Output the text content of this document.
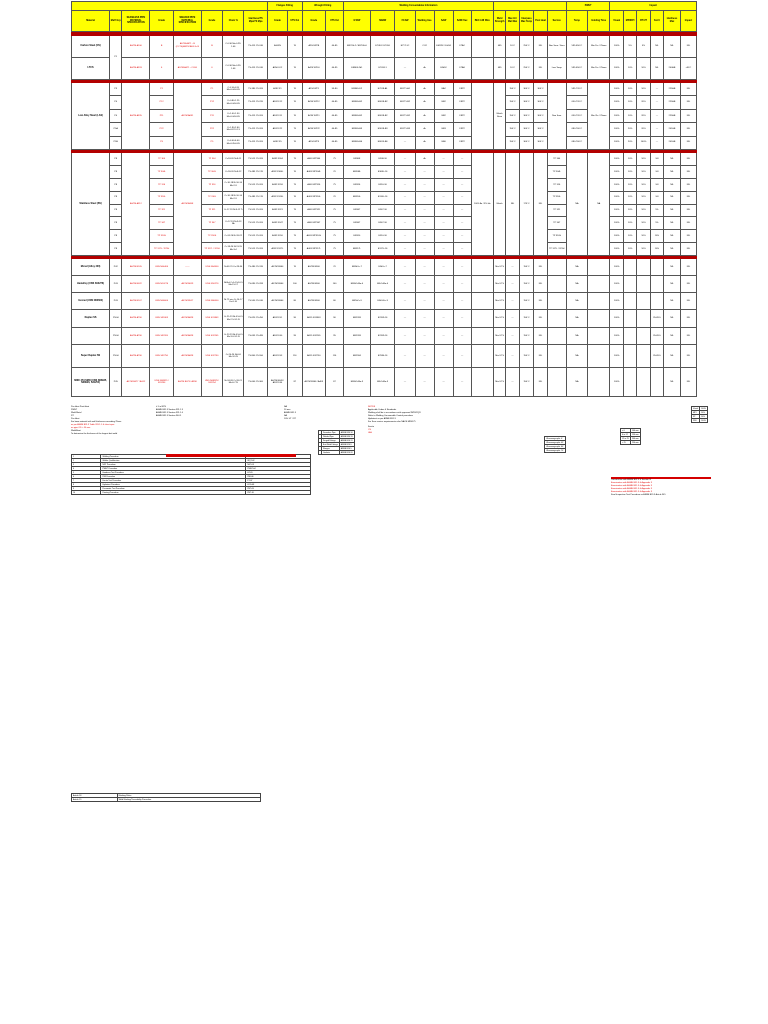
								Flanges Fitting		Wrought Fitting		Welding Consumables Information												PWHT		Impact					
Material	Mat'l Grp	SEAMLESS PIPE MATERIAL SPECIFICATION	Grade	WELDED PIPE MATERIAL SPECIFICATION	Grade	Chem %	Hardness/TS Mpa/YS Mpa	Grade	UTS Ksl	Grade	UTS Ksl	GTAW	SMAW	FCAW	Welding Gas	SAW	SAW Flux	BEC LMI Wire	Weld Strength	Max Ht / Mat Max	Interpass Max Temp	Post Heat	Service	Temp	Holding Time	Visual	MPI/DPI	RT/UT	Ferrit	Hardness Max	Impact

Carbon Steel (CS)	P1	ASTM A106	B	ASTM A671 - B (CC70)/ASTM A53 Gr B	B	C:0.30 Mn:0.29-1.06	TS:415 YS:240	A105N	70	A234 WPB	60-85	ER70S-2 / ER70S-6	E7018 / E7016	E71T-1C	CO2	EM12K / EH14	F7A2		485	10°C	250°C	NIL	Non Sour / Sour	595-650°C	Min 1hr / 25mm	100%	5%	5%	NIL	NIL	NIL
LTCS		ASTM A333	6	ASTM A671 - CC60	6	C:0.30 Mn:0.29-1.06	TS:415 YS:240	A350 LF2	70	A420 WPL6	60-95	ER80S-Ni1	E7018-1	—	Ar	ENi1K	F7A8		485	10°C	250°C	NIL	Low Temp	595-650°C	Min 1hr / 25mm	100%	10%	10%	NIL	200HB	-46°C

Low Alloy Steel (LAS)	P3	ASTM A335	P1	ASTM A691	P1	C:0.10-0.20 Mo:0.44-0.65	TS:380 YS:205	A182 F1	70	A234 WP1	55-80	ER80S-D2	E7018-A1	E81T1-A1	Ar	EA2	F8P2		Match Base	150°C	300°C	300°C	Non Sour	595-720°C	Min 2hr / 25mm	100%	10%	10%	—	225HB	NIL
	P4		P12		P12	Cr:0.80-1.25 Mo:0.44-0.65	TS:415 YS:220	A182 F12	70	A234 WP12	60-85	ER80S-B2	E8018-B2	E81T1-B2	Ar	EB2	F8P2			150°C	300°C	300°C		650-720°C		100%	10%	20%	—	225HB	NIL
	P4		P11		P11	Cr:1.00-1.50 Mo:0.44-0.65	TS:415 YS:205	A182 F11	70	A234 WP11	60-85	ER80S-B2	E8018-B2	E81T1-B2	Ar	EB2	F8P2			150°C	300°C	300°C		650-720°C		100%	10%	20%	—	225HB	NIL
	P5A		P22		P22	Cr:1.90-2.60 Mo:0.87-1.13	TS:415 YS:205	A182 F22	75	A234 WP22	60-85	ER90S-B3	E9018-B3	E91T1-B3	Ar	EB3	F9P2			150°C	300°C	300°C		680-760°C		100%	20%	20%	—	241HB	NIL
	P5B		P5		P5	Cr:4.00-6.00 Mo:0.45-0.65	TS:415 YS:205	A182 F5	70	A234 WP5	60-85	ER80S-B6	E8015-B6	—	Ar	EB6	F8P2			150°C	300°C	300°C		680-760°C		100%	20%	100%	—	241HB	NIL

Stainless Steel (SS)	P8	ASTM A312	TP 304	ASTM A358	TP 304	Cr:18-20 Ni:8-11	TS:515 YS:205	A182 F304	75	A403 WP304	75	ER308	E308-16	—	Ar	—	—	100% Ar / 5% He	Match	NIL	175°C	NIL	TP 304	NA	NA	100%	10%	10%	3-8	NIL	NIL
	P8		TP 304L		TP 304L	Cr:18-20 Ni:8-12	TS:485 YS:170	A182 F304L	70	A403 WP304L	70	ER308L	E308L-16	—	—	—	—						TP 304L			100%	10%	10%	3-8	NIL	NIL
	P8		TP 316		TP 316	Cr:16-18 Ni:10-14 Mo:2-3	TS:515 YS:205	A182 F316	75	A403 WP316	75	ER316	E316-16	—	—	—	—						TP 316			100%	10%	10%	3-8	NIL	NIL
	P8		TP 316L		TP 316L	Cr:16-18 Ni:10-14 Mo:2-3	TS:485 YS:170	A182 F316L	70	A403 WP316L	70	ER316L	E316L-16	—	—	—	—						TP 316L			100%	10%	10%	3-8	NIL	NIL
	P8		TP 321		TP 321	Cr:17-19 Ni:9-12 Ti	TS:515 YS:205	A182 F321	75	A403 WP321	75	ER347	E347-16	—	—	—	—						TP 321			100%	10%	10%	5%	NIL	NIL
	P8		TP 347		TP 347	Cr:17-19 Ni:9-13 Nb	TS:515 YS:205	A182 F347	75	A403 WP347	75	ER347	E347-16	—	—	—	—						TP 347			100%	10%	10%	5%	NIL	NIL
	P8		TP 310S		TP 310S	Cr:24-26 Ni:19-22	TS:515 YS:205	A182 F310	75	A403 WP310S	75	ER310	E310-16	—	—	—	—						TP 310S			100%	10%	10%	10%	NIL	NIL
	P8		TP 317L / 321H		TP 317L / 321H	Cr:18-20 Ni:11-15 Mo:3-4	TS:515 YS:205	A182 F317L	75	A403 WP317L	75	ER317L	E317L-16	—	—	—	—						TP 317L / 321H			100%	10%	10%	10%	NIL	NIL

Monel (Alloy 400)	P42	ASTM B165	UNS N04400	——	UNS N04400	Ni:63-70 Cu:28-34	TS:480 YS:195	ASTM B564	70	ASTM B366	70	ERNiCu-7	ENiCu-7	—	—	—	—		Min UTS	—	150°C	NIL		NA		100%				NIL	NIL
Hastelloy (UNS N10276)	P43	ASTM B622	UNS N10276	ASTM B619	UNS N10276	Ni:Bal Cr:14.5-16.5 Mo:15-17	TS:690 YS:283	ASTM B564	100	ASTM B366	100	ERNiCrMo-4	ENiCrMo-4	—	—	—	—		Min UTS	—	150°C	NIL		NA		100%				NIL	NIL
Inconel (UNS N06600)	P43	ASTM B167	UNS N06600	ASTM B517	UNS N06600	Ni:72 min Cr:14-17 Fe:6-10	TS:550 YS:240	ASTM B564	80	ASTM B366	80	ERNiCr-3	ENiCrFe-3	—	—	—	—		Min UTS	—	150°C	NIL		NA		100%				NIL	NIL
Duplex SS	P10H	ASTM A790	UNS S31803	ASTM A928	UNS S31803	Cr:21-23 Ni:4.5-6.5 Mo:2.5-3.5 N	TS:620 YS:450	A182 F51	90	A815 S31803	90	ER2209	E2209-16	—	—	—	—		Min UTS	—	150°C	NIL		NA		100%			35-65%	NIL	NIL
	P10H	ASTM A790	UNS S32205	ASTM A928	UNS S32205	Cr:22-23 Ni:4.5-6.5 Mo:3.0-3.5 N	TS:655 YS:485	A182 F60	95	A815 S32205	95	ER2209	E2209-16	—	—	—	—		Min UTS	—	150°C	NIL		NA		100%			35-65%	NIL	NIL
Super Duplex SS	P10H	ASTM A790	UNS S32750	ASTM A928	UNS S32750	Cr:24-26 Ni:6-8 Mo:3-5 N	TS:800 YS:550	A182 F53	116	A815 S32750	116	ER2594	E2594-16	—	—	—	—		Min UTS	—	150°C	NIL		NA		100%			35-65%	NIL	NIL
6MO/ 254 SMO (UNS N08925, N08926, S31254)	P45	ASTM B677 / A312	UNS N08925 / S31254	ASTM B673 / A358	UNS N08925 / S31254	Ni:24-26 Cr:19-21 Mo:6-7 N	TS:600 YS:300	ASTM B649 / A182 F44	87	ASTM B366 / A403	87	ERNiCrMo-3	ENiCrMo-3	—	—	—	—		Min UTS	—	150°C	NIL		NA		100%				NIL	NIL
Pre-Heat Post-Heat
PWHT
Weld Metal
RT
Pre-Heat
For base material with wall thickness exceeding 25mm
as per ASME B31.3 Table 331.1.1 & client spec
on pipe OD > 50 mm
Weld/Heat
To determine the thickness of the largest butt weld
≥ 5 in NPS
ASME B31.3 Section 331.1.3
ASME B31.3 Section 331.1.4
ASME B31.3 Section 344.5
NA
10 mm
ASME B31.3
NA
10% UT / RT
NOTES
Applicable Codes & Standards
Welding shall be in accordance with approved WPS/PQR
Refer to Welding Consumable Control procedure
Hydrotest as per ASME B31.3
For Sour service requirements refer NACE MR0175
Ferrite
CS
LAS
Ultrasonographic 0°
Ultrasonographic 45°
Ultrasonographic 60°
Ultrasonographic 70°
≤ 6	100 mm
6 to 12	150 mm
12 to 25	200 mm
> 25	250 mm
Visual	100%
MPI	10%
RT	10%
PMI	100%
	Seamless Pipe	ASME B36.10
	Welded Pipe	ASME B36.19
	Forged Fittings	ASME B16.11
	Butt Weld Fittings	ASME B16.9
	Flanges	ASME B16.5
	Gaskets	ASME B16.20
1	Welding Procedure	
2	Welder Qualification	WQT-02
3	NDT Procedure	NDT-03
4	PWHT Procedure	PWHT-04
5	Hardness Test Procedure	HT-05
6	PMI Procedure	PMI-06
7	Ferrite Test Procedure	FT-07
8	Hydrotest Procedure	HYD-08
9	Pneumatic Test Procedure	PNT-09
10	Painting Procedure	PNT-10
Constructive with ASME B31.3 & Section IX
Examination with ASME B31.3 & Appendix X
Examination with ASME B31.3 & Appendix X
Examination with ASME B31.3 & Appendix X
Examination with ASME B31.3 & Appendix X
Final Inspection Test Procedure as ASME B31.3 Article 345
Article 18	Marking Rules
Article 19	Weld Marking/Traceability Procedure
